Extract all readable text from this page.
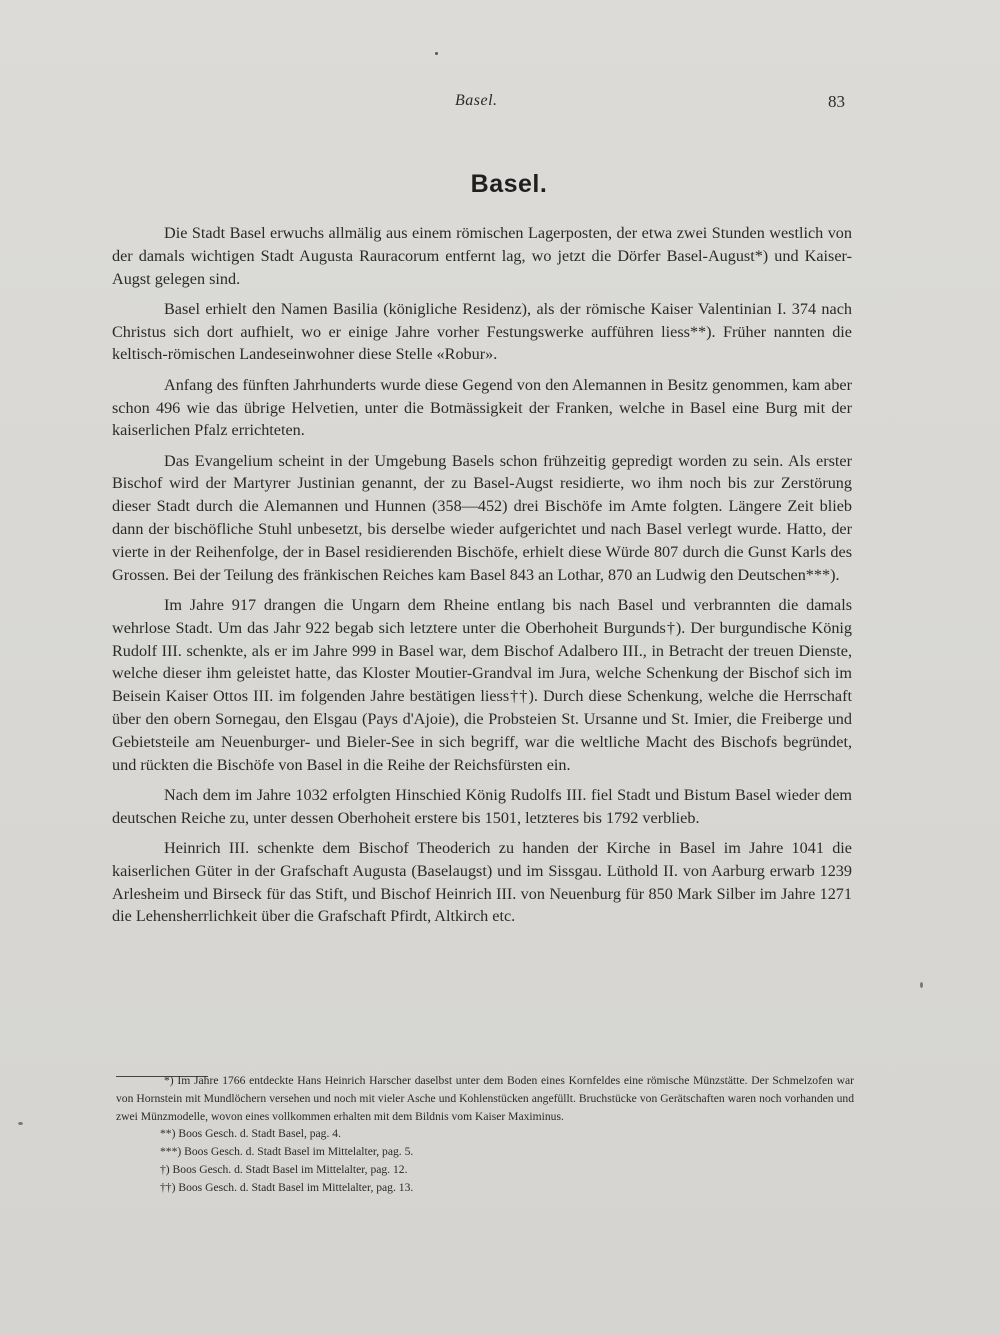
Basel.	83
Basel.

Die Stadt Basel erwuchs allmälig aus einem römischen Lagerposten, der etwa zwei Stunden westlich von der damals wichtigen Stadt Augusta Rauracorum entfernt lag, wo jetzt die Dörfer Basel-August*) und Kaiser-Augst gelegen sind.

Basel erhielt den Namen Basilia (königliche Residenz), als der römische Kaiser Valentinian I. 374 nach Christus sich dort aufhielt, wo er einige Jahre vorher Festungswerke aufführen liess**). Früher nannten die keltisch-römischen Landeseinwohner diese Stelle «Robur».

Anfang des fünften Jahrhunderts wurde diese Gegend von den Alemannen in Besitz genommen, kam aber schon 496 wie das übrige Helvetien, unter die Botmässigkeit der Franken, welche in Basel eine Burg mit der kaiserlichen Pfalz errichteten.

Das Evangelium scheint in der Umgebung Basels schon frühzeitig gepredigt worden zu sein. Als erster Bischof wird der Martyrer Justinian genannt, der zu Basel-Augst residierte, wo ihm noch bis zur Zerstörung dieser Stadt durch die Alemannen und Hunnen (358—452) drei Bischöfe im Amte folgten. Längere Zeit blieb dann der bischöfliche Stuhl unbesetzt, bis derselbe wieder aufgerichtet und nach Basel verlegt wurde. Hatto, der vierte in der Reihenfolge, der in Basel residierenden Bischöfe, erhielt diese Würde 807 durch die Gunst Karls des Grossen. Bei der Teilung des fränkischen Reiches kam Basel 843 an Lothar, 870 an Ludwig den Deutschen***).

Im Jahre 917 drangen die Ungarn dem Rheine entlang bis nach Basel und verbrannten die damals wehrlose Stadt. Um das Jahr 922 begab sich letztere unter die Oberhoheit Burgunds†). Der burgundische König Rudolf III. schenkte, als er im Jahre 999 in Basel war, dem Bischof Adalbero III., in Betracht der treuen Dienste, welche dieser ihm geleistet hatte, das Kloster Moutier-Grandval im Jura, welche Schenkung der Bischof sich im Beisein Kaiser Ottos III. im folgenden Jahre bestätigen liess††). Durch diese Schenkung, welche die Herrschaft über den obern Sornegau, den Elsgau (Pays d'Ajoie), die Probsteien St. Ursanne und St. Imier, die Freiberge und Gebietsteile am Neuenburger- und Bieler-See in sich begriff, war die weltliche Macht des Bischofs begründet, und rückten die Bischöfe von Basel in die Reihe der Reichsfürsten ein.

Nach dem im Jahre 1032 erfolgten Hinschied König Rudolfs III. fiel Stadt und Bistum Basel wieder dem deutschen Reiche zu, unter dessen Oberhoheit erstere bis 1501, letzteres bis 1792 verblieb.

Heinrich III. schenkte dem Bischof Theoderich zu handen der Kirche in Basel im Jahre 1041 die kaiserlichen Güter in der Grafschaft Augusta (Baselaugst) und im Sissgau. Lüthold II. von Aarburg erwarb 1239 Arlesheim und Birseck für das Stift, und Bischof Heinrich III. von Neuenburg für 850 Mark Silber im Jahre 1271 die Lehensherrlichkeit über die Grafschaft Pfirdt, Altkirch etc.

*) Im Jahre 1766 entdeckte Hans Heinrich Harscher daselbst unter dem Boden eines Kornfeldes eine römische Münzstätte. Der Schmelzofen war von Hornstein mit Mundlöchern versehen und noch mit vieler Asche und Kohlenstücken angefüllt. Bruchstücke von Gerätschaften waren noch vorhanden und zwei Münzmodelle, wovon eines vollkommen erhalten mit dem Bildnis vom Kaiser Maximinus.

**) Boos Gesch. d. Stadt Basel, pag. 4.

***) Boos Gesch. d. Stadt Basel im Mittelalter, pag. 5.

†) Boos Gesch. d. Stadt Basel im Mittelalter, pag. 12.

††) Boos Gesch. d. Stadt Basel im Mittelalter, pag. 13.
